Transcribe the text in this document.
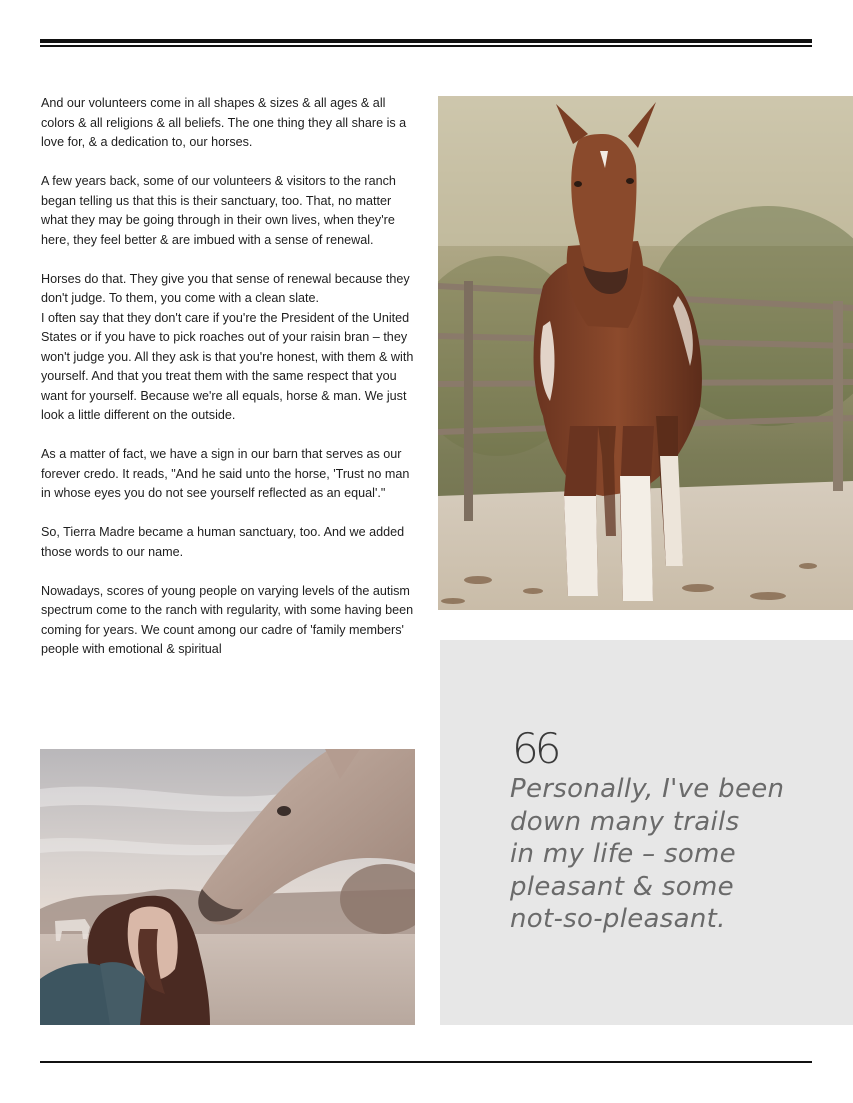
And our volunteers come in all shapes & sizes & all ages & all colors & all religions & all beliefs. The one thing they all share is a love for, & a dedication to, our horses.

A few years back, some of our volunteers & visitors to the ranch began telling us that this is their sanctuary, too. That, no matter what they may be going through in their own lives, when they're here, they feel better & are imbued with a sense of renewal.

Horses do that. They give you that sense of renewal because they don't judge. To them, you come with a clean slate.
I often say that they don't care if you're the President of the United States or if you have to pick roaches out of your raisin bran – they won't judge you. All they ask is that you're honest, with them & with yourself. And that you treat them with the same respect that you want for yourself. Because we're all equals, horse & man. We just look a little different on the outside.

As a matter of fact, we have a sign in our barn that serves as our forever credo. It reads, "And he said unto the horse, 'Trust no man in whose eyes you do not see yourself reflected as an equal'."

So, Tierra Madre became a human sanctuary, too. And we added those words to our name.

Nowadays, scores of young people on varying levels of the autism spectrum come to the ranch with regularity, with some having been coming for years. We count among our cadre of 'family members' people with emotional & spiritual

66
Personally, I've been
down many trails
in my life – some
pleasant & some
not-so-pleasant.
